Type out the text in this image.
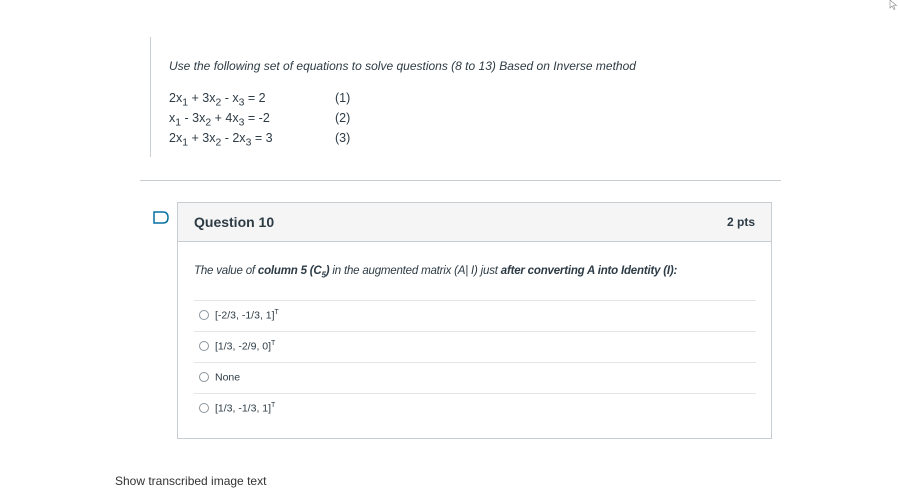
Use the following set of equations to solve questions (8 to 13) Based on Inverse method
$2x_1 + 3x_2 - x_3 = 2$	(1)
$x_1 - 3x_2 + 4x_3 = -2$	(2)
$2x_1 + 3x_2 - 2x_3 = 3$	(3)
Question 10	2 pts
The value of column 5 $(C_5)$ in the augmented matrix (A| I) just after converting A into Identity (I):
[-2/3, -1/3, 1]$^T$
[1/3, -2/9, 0]$^T$
None
[1/3, -1/3, 1]$^T$
Show transcribed image text
